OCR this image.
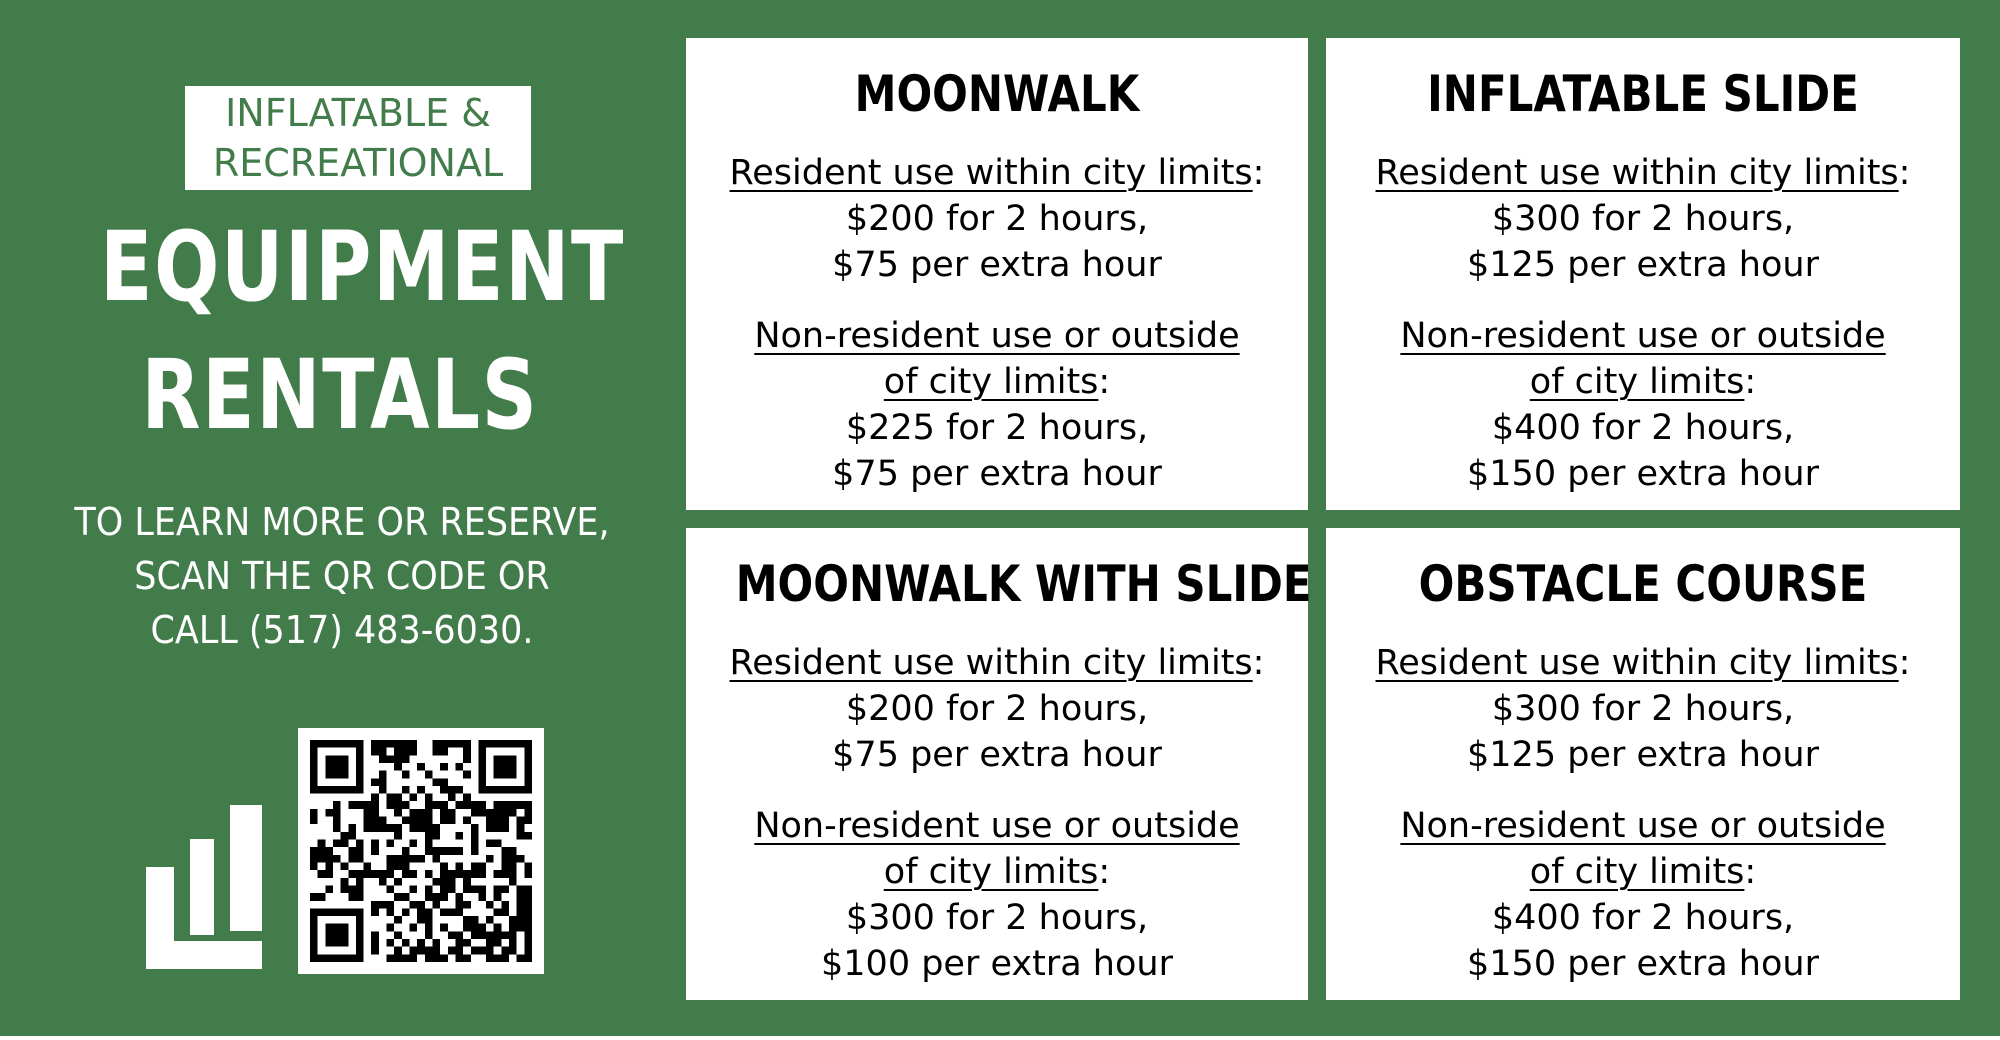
INFLATABLE &
RECREATIONAL
EQUIPMENT
RENTALS
TO LEARN MORE OR RESERVE,
SCAN THE QR CODE OR
CALL (517) 483-6030.
MOONWALK
Resident use within city limits:
$200 for 2 hours,
$75 per extra hour
Non-resident use or outside
of city limits:
$225 for 2 hours,
$75 per extra hour
INFLATABLE SLIDE
Resident use within city limits:
$300 for 2 hours,
$125 per extra hour
Non-resident use or outside
of city limits:
$400 for 2 hours,
$150 per extra hour
MOONWALK WITH SLIDE
Resident use within city limits:
$200 for 2 hours,
$75 per extra hour
Non-resident use or outside
of city limits:
$300 for 2 hours,
$100 per extra hour
OBSTACLE COURSE
Resident use within city limits:
$300 for 2 hours,
$125 per extra hour
Non-resident use or outside
of city limits:
$400 for 2 hours,
$150 per extra hour
